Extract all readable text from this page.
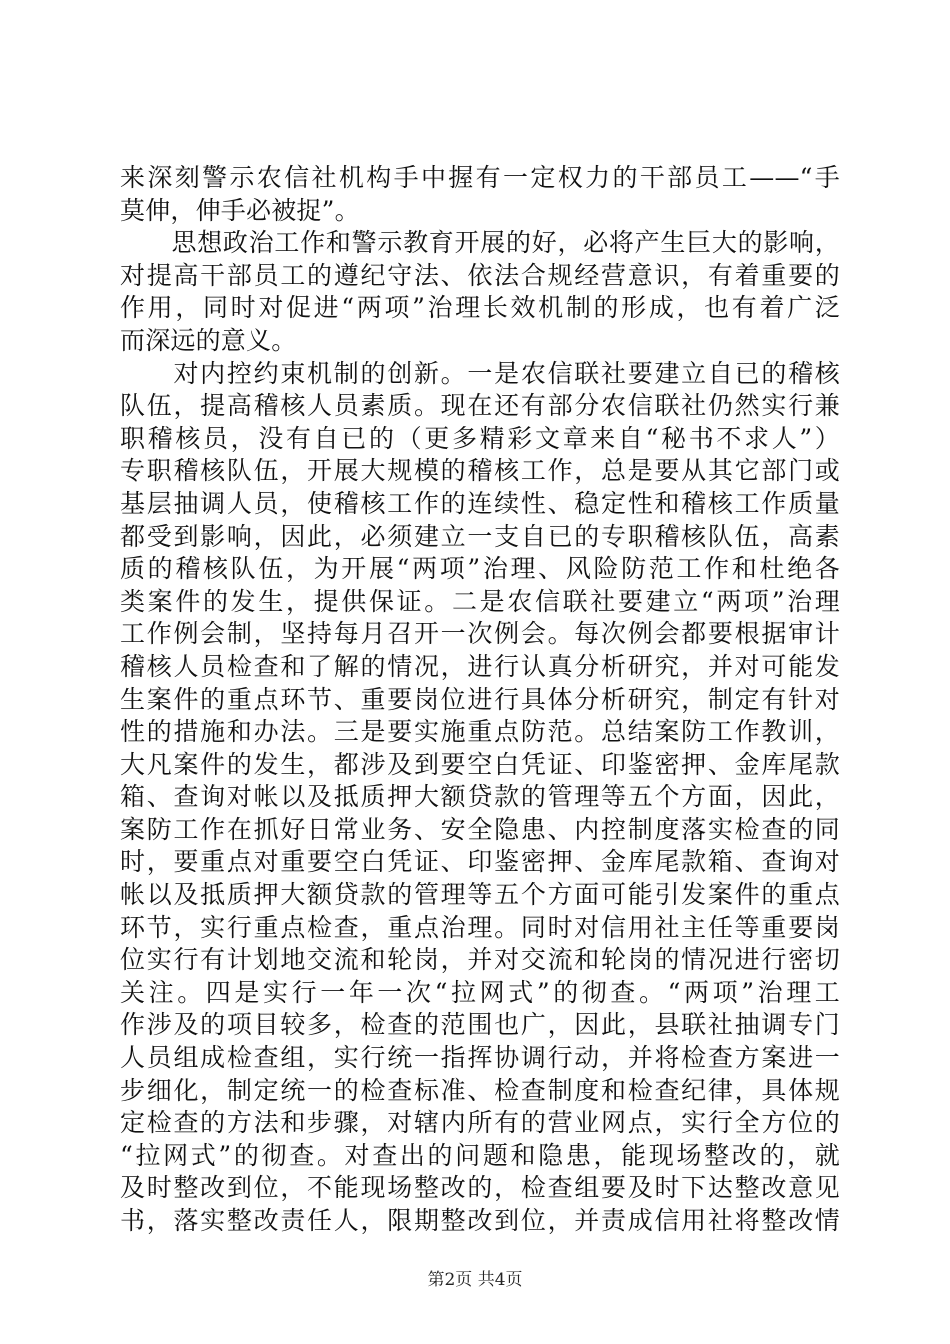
来深刻警示农信社机构手中握有一定权力的干部员工——“手
莫伸，伸手必被捉”。
　　思想政治工作和警示教育开展的好，必将产生巨大的影响，
对提高干部员工的遵纪守法、依法合规经营意识，有着重要的
作用，同时对促进“两项”治理长效机制的形成，也有着广泛
而深远的意义。
　　对内控约束机制的创新。一是农信联社要建立自已的稽核
队伍，提高稽核人员素质。现在还有部分农信联社仍然实行兼
职稽核员，没有自已的（更多精彩文章来自“秘书不求人”）
专职稽核队伍，开展大规模的稽核工作，总是要从其它部门或
基层抽调人员，使稽核工作的连续性、稳定性和稽核工作质量
都受到影响，因此，必须建立一支自已的专职稽核队伍，高素
质的稽核队伍，为开展“两项”治理、风险防范工作和杜绝各
类案件的发生，提供保证。二是农信联社要建立“两项”治理
工作例会制，坚持每月召开一次例会。每次例会都要根据审计
稽核人员检查和了解的情况，进行认真分析研究，并对可能发
生案件的重点环节、重要岗位进行具体分析研究，制定有针对
性的措施和办法。三是要实施重点防范。总结案防工作教训，
大凡案件的发生，都涉及到要空白凭证、印鉴密押、金库尾款
箱、查询对帐以及抵质押大额贷款的管理等五个方面，因此，
案防工作在抓好日常业务、安全隐患、内控制度落实检查的同
时，要重点对重要空白凭证、印鉴密押、金库尾款箱、查询对
帐以及抵质押大额贷款的管理等五个方面可能引发案件的重点
环节，实行重点检查，重点治理。同时对信用社主任等重要岗
位实行有计划地交流和轮岗，并对交流和轮岗的情况进行密切
关注。四是实行一年一次“拉网式”的彻查。“两项”治理工
作涉及的项目较多，检查的范围也广，因此，县联社抽调专门
人员组成检查组，实行统一指挥协调行动，并将检查方案进一
步细化，制定统一的检查标准、检查制度和检查纪律，具体规
定检查的方法和步骤，对辖内所有的营业网点，实行全方位的
“拉网式”的彻查。对查出的问题和隐患，能现场整改的，就
及时整改到位，不能现场整改的，检查组要及时下达整改意见
书，落实整改责任人，限期整改到位，并责成信用社将整改情
第2页 共4页
